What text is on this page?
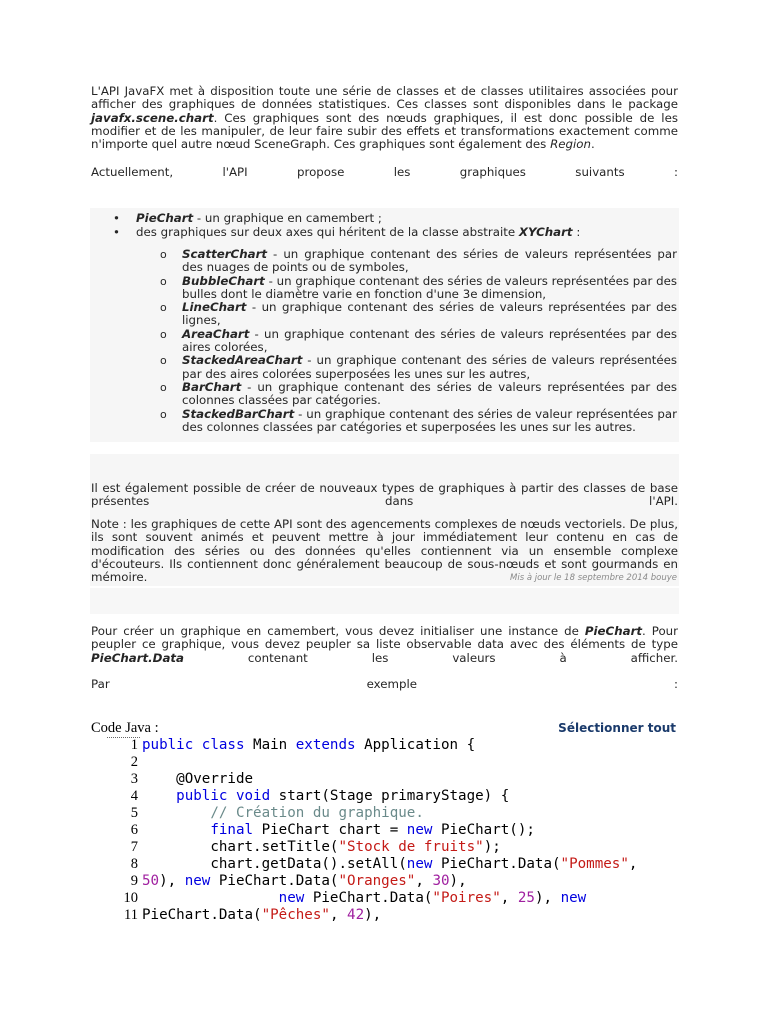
L'API JavaFX met à disposition toute une série de classes et de classes utilitaires associées pour afficher des graphiques de données statistiques. Ces classes sont disponibles dans le package javafx.scene.chart. Ces graphiques sont des nœuds graphiques, il est donc possible de les modifier et de les manipuler, de leur faire subir des effets et transformations exactement comme n'importe quel autre nœud SceneGraph. Ces graphiques sont également des Region.

Actuellement, l'API propose les graphiques suivants :

• PieChart - un graphique en camembert ;
• des graphiques sur deux axes qui héritent de la classe abstraite XYChart :
o ScatterChart - un graphique contenant des séries de valeurs représentées par des nuages de points ou de symboles,
o BubbleChart - un graphique contenant des séries de valeurs représentées par des bulles dont le diamètre varie en fonction d'une 3e dimension,
o LineChart - un graphique contenant des séries de valeurs représentées par des lignes,
o AreaChart - un graphique contenant des séries de valeurs représentées par des aires colorées,
o StackedAreaChart - un graphique contenant des séries de valeurs représentées par des aires colorées superposées les unes sur les autres,
o BarChart - un graphique contenant des séries de valeurs représentées par des colonnes classées par catégories.
o StackedBarChart - un graphique contenant des séries de valeur représentées par des colonnes classées par catégories et superposées les unes sur les autres.

Il est également possible de créer de nouveaux types de graphiques à partir des classes de base présentes dans l'API.

Note : les graphiques de cette API sont des agencements complexes de nœuds vectoriels. De plus, ils sont souvent animés et peuvent mettre à jour immédiatement leur contenu en cas de modification des séries ou des données qu'elles contiennent via un ensemble complexe d'écouteurs. Ils contiennent donc généralement beaucoup de sous-nœuds et sont gourmands en mémoire.	Mis à jour le 18 septembre 2014 bouye

Pour créer un graphique en camembert, vous devez initialiser une instance de PieChart. Pour peupler ce graphique, vous devez peupler sa liste observable data avec des éléments de type PieChart.Data contenant les valeurs à afficher.

Par exemple :

Code Java :	Sélectionner tout
1 public class Main extends Application {
2
3 @Override
4 public void start(Stage primaryStage) {
5 // Création du graphique.
6 final PieChart chart = new PieChart();
7 chart.setTitle("Stock de fruits");
8 chart.getData().setAll(new PieChart.Data("Pommes",
9 50), new PieChart.Data("Oranges", 30),
10	new PieChart.Data("Poires", 25), new
11 PieChart.Data("Pêches", 42),
